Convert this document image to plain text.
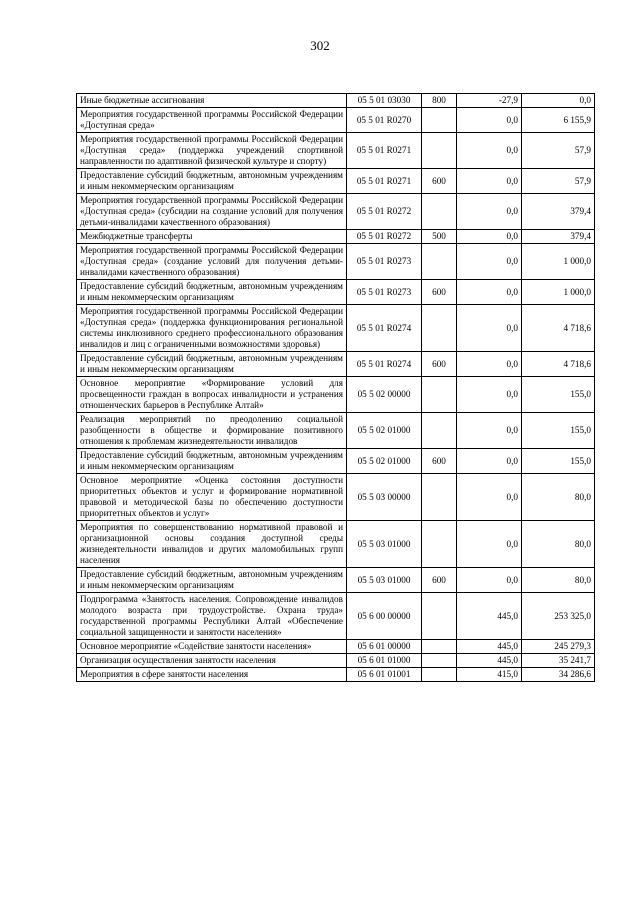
302
Иные бюджетные ассигнования	05 5 01 03030	800	-27,9	0,0
Мероприятия государственной программы Российской Федерации «Доступная среда»	05 5 01 R0270		0,0	6 155,9
Мероприятия государственной программы Российской Федерации «Доступная среда» (поддержка учреждений спортивной направленности по адаптивной физической культуре и спорту)	05 5 01 R0271		0,0	57,9
Предоставление субсидий бюджетным, автономным учреждениям и иным некоммерческим организациям	05 5 01 R0271	600	0,0	57,9
Мероприятия государственной программы Российской Федерации «Доступная среда» (субсидии на создание условий для получения детьми-инвалидами качественного образования)	05 5 01 R0272		0,0	379,4
Межбюджетные трансферты	05 5 01 R0272	500	0,0	379,4
Мероприятия государственной программы Российской Федерации «Доступная среда» (создание условий для получения детьми-инвалидами качественного образования)	05 5 01 R0273		0,0	1 000,0
Предоставление субсидий бюджетным, автономным учреждениям и иным некоммерческим организациям	05 5 01 R0273	600	0,0	1 000,0
Мероприятия государственной программы Российской Федерации «Доступная среда» (поддержка функционирования региональной системы инклюзивного среднего профессионального образования инвалидов и лиц с ограниченными возможностями здоровья)	05 5 01 R0274		0,0	4 718,6
Предоставление субсидий бюджетным, автономным учреждениям и иным некоммерческим организациям	05 5 01 R0274	600	0,0	4 718,6
Основное мероприятие «Формирование условий для просвещенности граждан в вопросах инвалидности и устранения отношенческих барьеров в Республике Алтай»	05 5 02 00000		0,0	155,0
Реализация мероприятий по преодолению социальной разобщенности в обществе и формирование позитивного отношения к проблемам жизнедеятельности инвалидов	05 5 02 01000		0,0	155,0
Предоставление субсидий бюджетным, автономным учреждениям и иным некоммерческим организациям	05 5 02 01000	600	0,0	155,0
Основное мероприятие «Оценка состояния доступности приоритетных объектов и услуг и формирование нормативной правовой и методической базы по обеспечению доступности приоритетных объектов и услуг»	05 5 03 00000		0,0	80,0
Мероприятия по совершенствованию нормативной правовой и организационной основы создания доступной среды жизнедеятельности инвалидов и других маломобильных групп населения	05 5 03 01000		0,0	80,0
Предоставление субсидий бюджетным, автономным учреждениям и иным некоммерческим организациям	05 5 03 01000	600	0,0	80,0
Подпрограмма «Занятость населения. Сопровождение инвалидов молодого возраста при трудоустройстве. Охрана труда» государственной программы Республики Алтай «Обеспечение социальной защищенности и занятости населения»	05 6 00 00000		445,0	253 325,0
Основное мероприятие «Содействие занятости населения»	05 6 01 00000		445,0	245 279,3
Организация осуществления занятости населения	05 6 01 01000		445,0	35 241,7
Мероприятия в сфере занятости населения	05 6 01 01001		415,0	34 286,6
